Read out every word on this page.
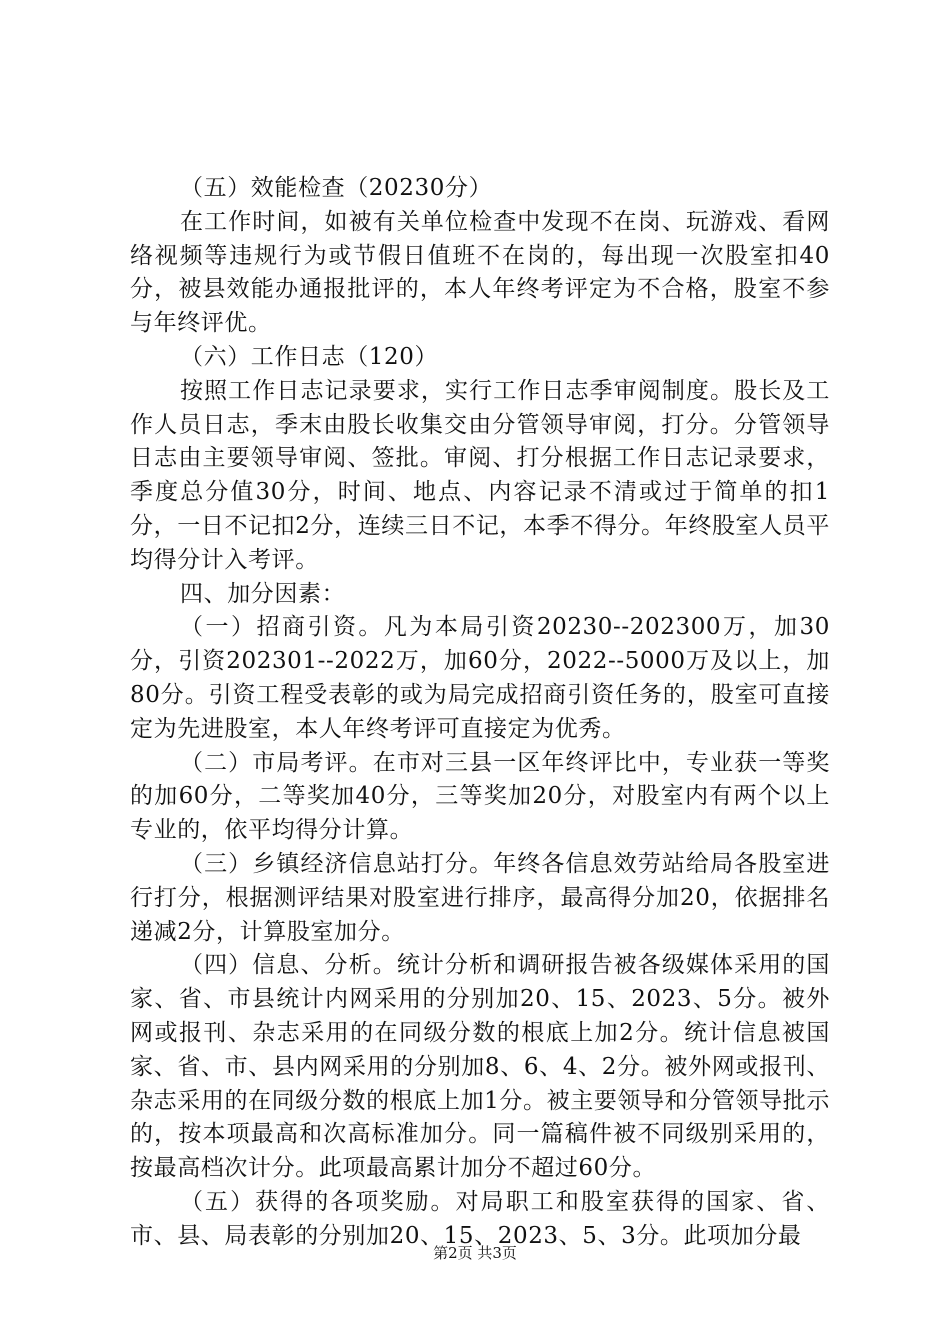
（五）效能检查（20230分）

在工作时间，如被有关单位检查中发现不在岗、玩游戏、看网络视频等违规行为或节假日值班不在岗的，每出现一次股室扣40分，被县效能办通报批评的，本人年终考评定为不合格，股室不参与年终评优。

（六）工作日志（120）

按照工作日志记录要求，实行工作日志季审阅制度。股长及工作人员日志，季末由股长收集交由分管领导审阅，打分。分管领导日志由主要领导审阅、签批。审阅、打分根据工作日志记录要求，季度总分值30分，时间、地点、内容记录不清或过于简单的扣1分，一日不记扣2分，连续三日不记，本季不得分。年终股室人员平均得分计入考评。

四、加分因素：

（一）招商引资。凡为本局引资20230--202300万，加30分，引资202301--2022万，加60分，2022--5000万及以上，加80分。引资工程受表彰的或为局完成招商引资任务的，股室可直接定为先进股室，本人年终考评可直接定为优秀。

（二）市局考评。在市对三县一区年终评比中，专业获一等奖的加60分，二等奖加40分，三等奖加20分，对股室内有两个以上专业的，依平均得分计算。

（三）乡镇经济信息站打分。年终各信息效劳站给局各股室进行打分，根据测评结果对股室进行排序，最高得分加20，依据排名递减2分，计算股室加分。

（四）信息、分析。统计分析和调研报告被各级媒体采用的国家、省、市县统计内网采用的分别加20、15、2023、5分。被外网或报刊、杂志采用的在同级分数的根底上加2分。统计信息被国家、省、市、县内网采用的分别加8、6、4、2分。被外网或报刊、杂志采用的在同级分数的根底上加1分。被主要领导和分管领导批示的，按本项最高和次高标准加分。同一篇稿件被不同级别采用的，按最高档次计分。此项最高累计加分不超过60分。

（五）获得的各项奖励。对局职工和股室获得的国家、省、市、县、局表彰的分别加20、15、2023、5、3分。此项加分最

第2页 共3页
